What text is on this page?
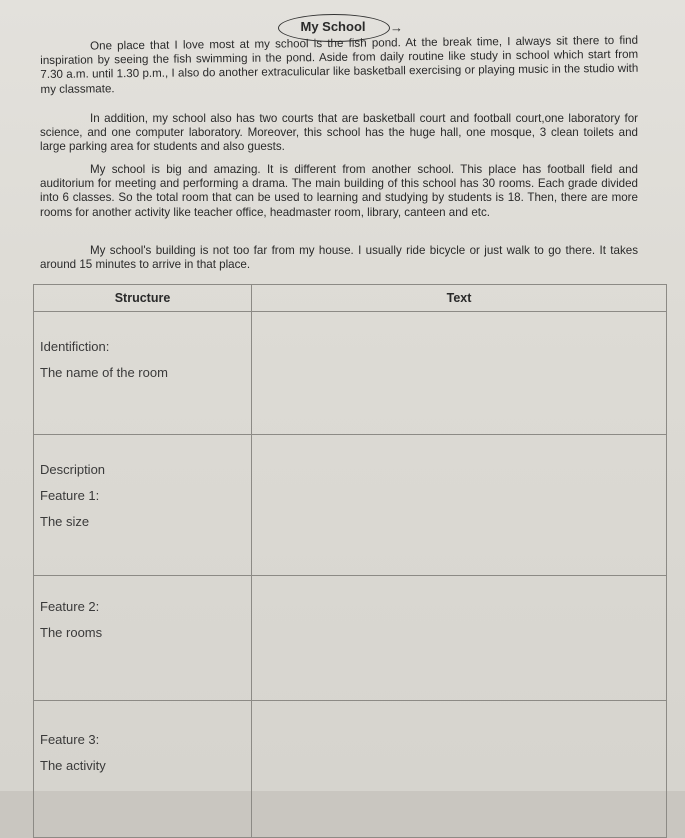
My School	→

One place that I love most at my school is the fish pond. At the break time, I always sit there to find inspiration by seeing the fish swimming in the pond. Aside from daily routine like study in school which start from 7.30 a.m. until 1.30 p.m., I also do another extraculicular like basketball exercising or playing music in the studio with my classmate.

In addition, my school also has two courts that are basketball court and football court,one laboratory for science, and one computer laboratory. Moreover, this school has the huge hall, one mosque, 3 clean toilets and large parking area for students and also guests.

My school is big and amazing. It is different from another school. This place has football field and auditorium for meeting and performing a drama. The main building of this school has 30 rooms. Each grade divided into 6 classes. So the total room that can be used to learning and studying by students is 18. Then, there are more rooms for another activity like teacher office, headmaster room, library, canteen and etc.

My school's building is not too far from my house. I usually ride bicycle or just walk to go there. It takes around 15 minutes to arrive in that place.

Structure	Text

Identifiction:
The name of the room	

Description
Feature 1:
The size	

Feature 2:
The rooms	

Feature 3:
The activity	
